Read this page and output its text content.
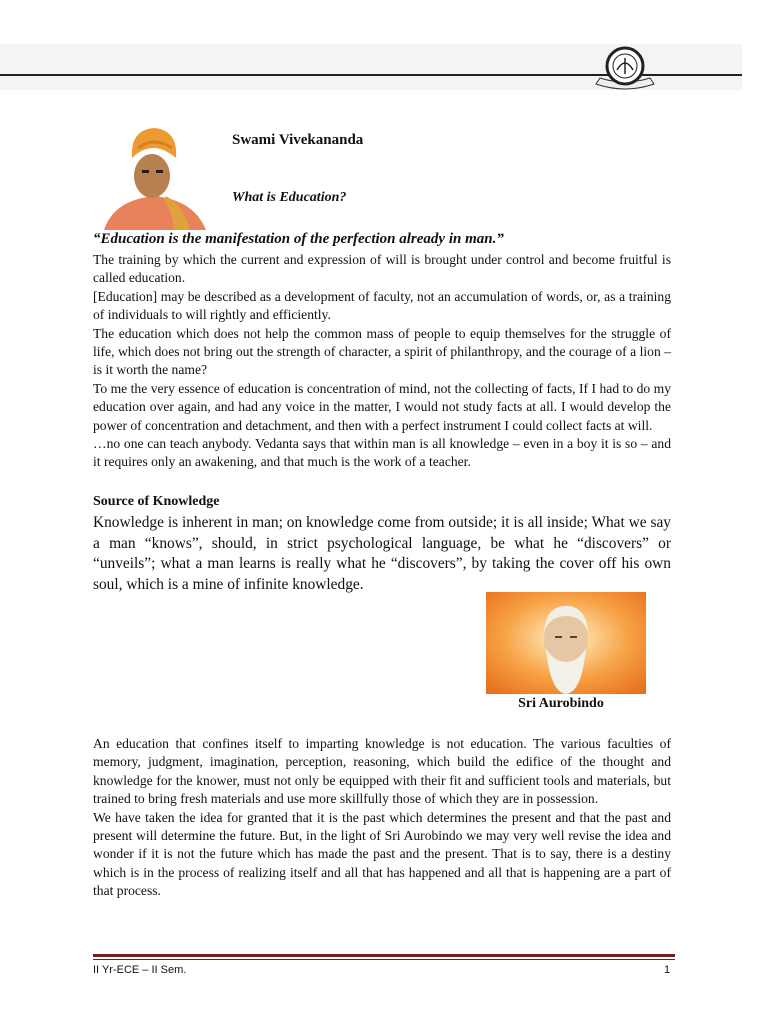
Swami Vivekananda
What is Education?
“Education is the manifestation of the perfection already in man.”

The training by which the current and expression of will is brought under control and become fruitful is called education.

[Education] may be described as a development of faculty, not an accumulation of words, or, as a training of individuals to will rightly and efficiently.

The education which does not help the common mass of people to equip themselves for the struggle of life, which does not bring out the strength of character, a spirit of philanthropy, and the courage of a lion – is it worth the name?

To me the very essence of education is concentration of mind, not the collecting of facts, If I had to do my education over again, and had any voice in the matter, I would not study facts at all. I would develop the power of concentration and detachment, and then with a perfect instrument I could collect facts at will.

…no one can teach anybody. Vedanta says that within man is all knowledge – even in a boy it is so – and it requires only an awakening, and that much is the work of a teacher.

Source of Knowledge
Knowledge is inherent in man; on knowledge come from outside; it is all inside; What we say a man “knows”, should, in strict psychological language, be what he “discovers” or “unveils”; what a man learns is really what he “discovers”, by taking the cover off his own soul, which is a mine of infinite knowledge.
Sri Aurobindo

An education that confines itself to imparting knowledge is not education. The various faculties of memory, judgment, imagination, perception, reasoning, which build the edifice of the thought and knowledge for the knower, must not only be equipped with their fit and sufficient tools and materials, but trained to bring fresh materials and use more skillfully those of which they are in possession.

We have taken the idea for granted that it is the past which determines the present and that the past and present will determine the future. But, in the light of Sri Aurobindo we may very well revise the idea and wonder if it is not the future which has made the past and the present. That is to say, there is a destiny which is in the process of realizing itself and all that has happened and all that is happening are a part of that process.

II Yr-ECE – II Sem.	1
